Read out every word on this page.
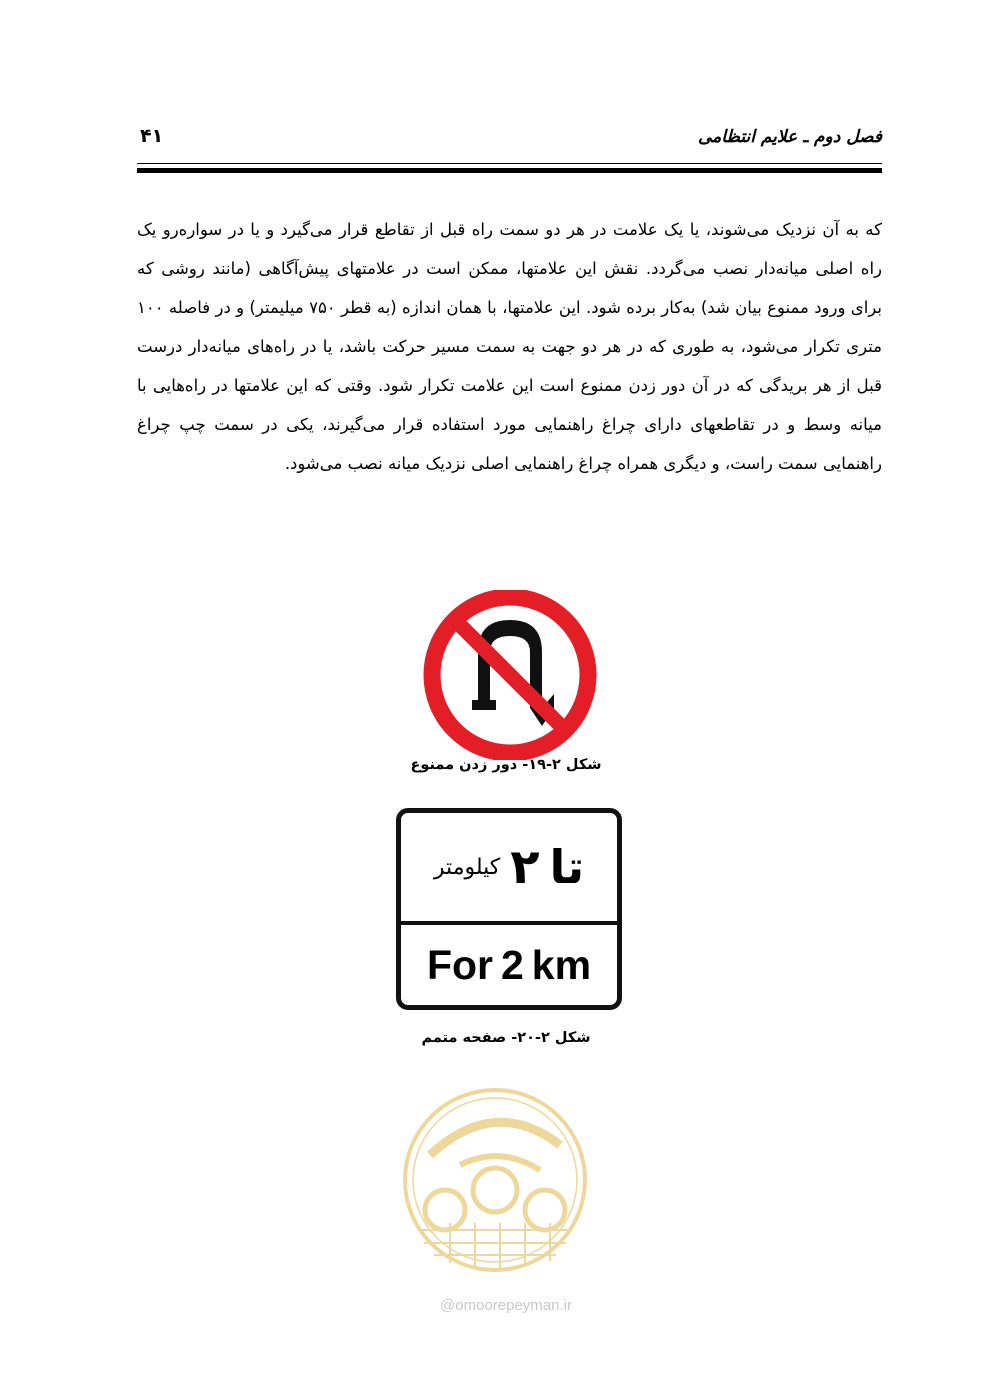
۴۱	فصل دوم ـ علایم انتظامی

که به آن نزدیک می‌شوند، یا یک علامت در هر دو سمت راه قبل از تقاطع قرار می‌گیرد و یا در سواره‌رو یک راه اصلی میانه‌دار نصب می‌گردد. نقش این علامتها، ممکن است در علامتهای پیش‌آگاهی (مانند روشی که برای ورود ممنوع بیان شد) به‌کار برده شود. این علامتها، با همان اندازه (به قطر ۷۵۰ میلیمتر) و در فاصله ۱۰۰ متری تکرار می‌شود، به طوری که در هر دو جهت به سمت مسیر حرکت باشد، یا در راه‌های میانه‌دار درست قبل از هر بریدگی که در آن دور زدن ممنوع است این علامت تکرار شود. وقتی که این علامتها در راه‌هایی با میانه وسط و در تقاطعهای دارای چراغ راهنمایی مورد استفاده قرار می‌گیرند، یکی در سمت چپ چراغ راهنمایی سمت راست، و دیگری همراه چراغ راهنمایی اصلی نزدیک میانه نصب می‌شود.

شکل ۲-۱۹- دور زدن ممنوع
تا
۲
کیلومتر
For 2 km
شکل ۲-۲۰- صفحه متمم
@omoorepeyman.ir
